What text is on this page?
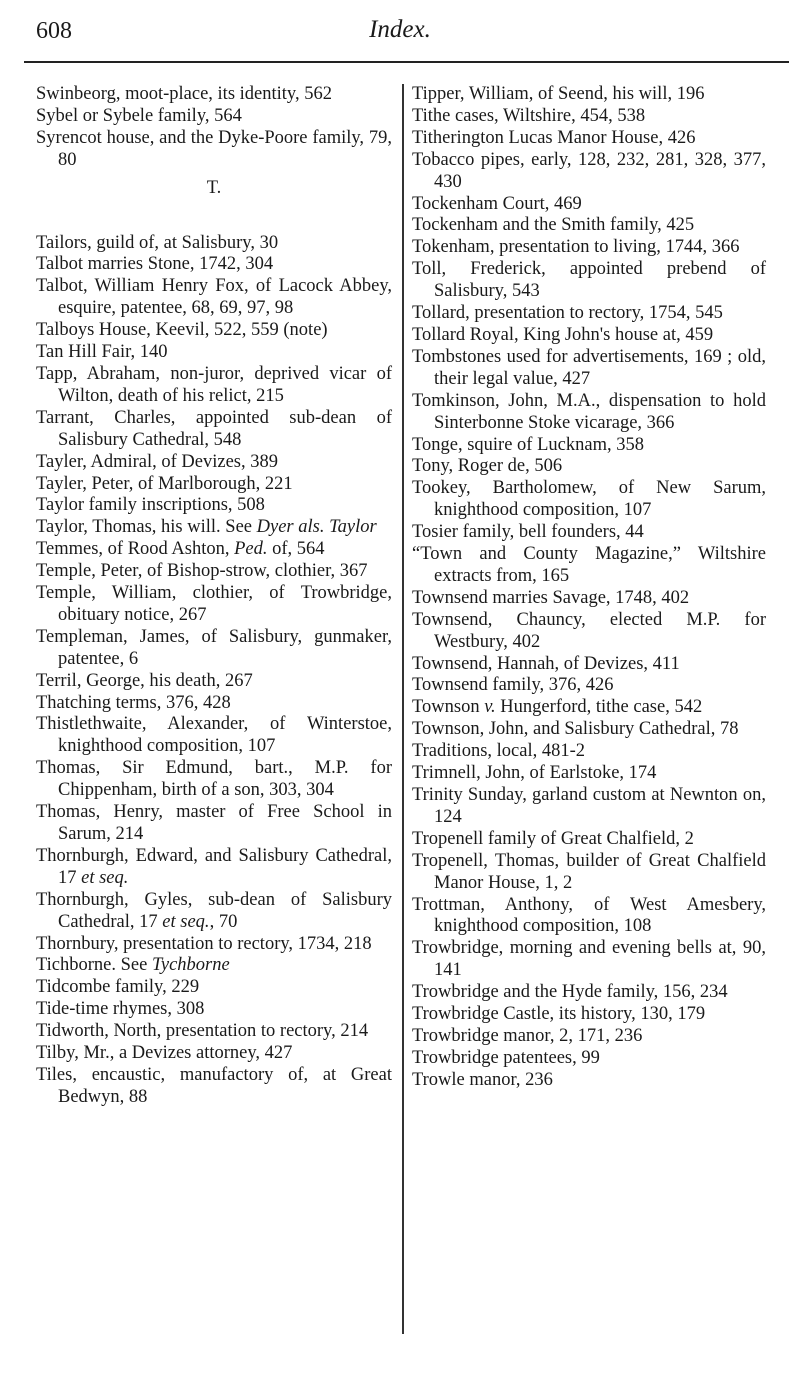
608	Index.
Swinbeorg, moot-place, its identity, 562
Sybel or Sybele family, 564
Syrencot house, and the Dyke-Poore family, 79, 80
T.
Tailors, guild of, at Salisbury, 30
Talbot marries Stone, 1742, 304
Talbot, William Henry Fox, of Lacock Abbey, esquire, patentee, 68, 69, 97, 98
Talboys House, Keevil, 522, 559 (note)
Tan Hill Fair, 140
Tapp, Abraham, non-juror, deprived vicar of Wilton, death of his relict, 215
Tarrant, Charles, appointed sub-dean of Salisbury Cathedral, 548
Tayler, Admiral, of Devizes, 389
Tayler, Peter, of Marlborough, 221
Taylor family inscriptions, 508
Taylor, Thomas, his will. See Dyer als. Taylor
Temmes, of Rood Ashton, Ped. of, 564
Temple, Peter, of Bishop-strow, clothier, 367
Temple, William, clothier, of Trowbridge, obituary notice, 267
Templeman, James, of Salisbury, gunmaker, patentee, 6
Terril, George, his death, 267
Thatching terms, 376, 428
Thistlethwaite, Alexander, of Winterstoe, knighthood composition, 107
Thomas, Sir Edmund, bart., M.P. for Chippenham, birth of a son, 303, 304
Thomas, Henry, master of Free School in Sarum, 214
Thornburgh, Edward, and Salisbury Cathedral, 17 et seq.
Thornburgh, Gyles, sub-dean of Salisbury Cathedral, 17 et seq., 70
Thornbury, presentation to rectory, 1734, 218
Tichborne. See Tychborne
Tidcombe family, 229
Tide-time rhymes, 308
Tidworth, North, presentation to rectory, 214
Tilby, Mr., a Devizes attorney, 427
Tiles, encaustic, manufactory of, at Great Bedwyn, 88
Tipper, William, of Seend, his will, 196
Tithe cases, Wiltshire, 454, 538
Titherington Lucas Manor House, 426
Tobacco pipes, early, 128, 232, 281, 328, 377, 430
Tockenham Court, 469
Tockenham and the Smith family, 425
Tokenham, presentation to living, 1744, 366
Toll, Frederick, appointed prebend of Salisbury, 543
Tollard, presentation to rectory, 1754, 545
Tollard Royal, King John's house at, 459
Tombstones used for advertisements, 169 ; old, their legal value, 427
Tomkinson, John, M.A., dispensation to hold Sinterbonne Stoke vicarage, 366
Tonge, squire of Lucknam, 358
Tony, Roger de, 506
Tookey, Bartholomew, of New Sarum, knighthood composition, 107
Tosier family, bell founders, 44
“Town and County Magazine,” Wiltshire extracts from, 165
Townsend marries Savage, 1748, 402
Townsend, Chauncy, elected M.P. for Westbury, 402
Townsend, Hannah, of Devizes, 411
Townsend family, 376, 426
Townson v. Hungerford, tithe case, 542
Townson, John, and Salisbury Cathedral, 78
Traditions, local, 481-2
Trimnell, John, of Earlstoke, 174
Trinity Sunday, garland custom at Newnton on, 124
Tropenell family of Great Chalfield, 2
Tropenell, Thomas, builder of Great Chalfield Manor House, 1, 2
Trottman, Anthony, of West Amesbery, knighthood composition, 108
Trowbridge, morning and evening bells at, 90, 141
Trowbridge and the Hyde family, 156, 234
Trowbridge Castle, its history, 130, 179
Trowbridge manor, 2, 171, 236
Trowbridge patentees, 99
Trowle manor, 236
